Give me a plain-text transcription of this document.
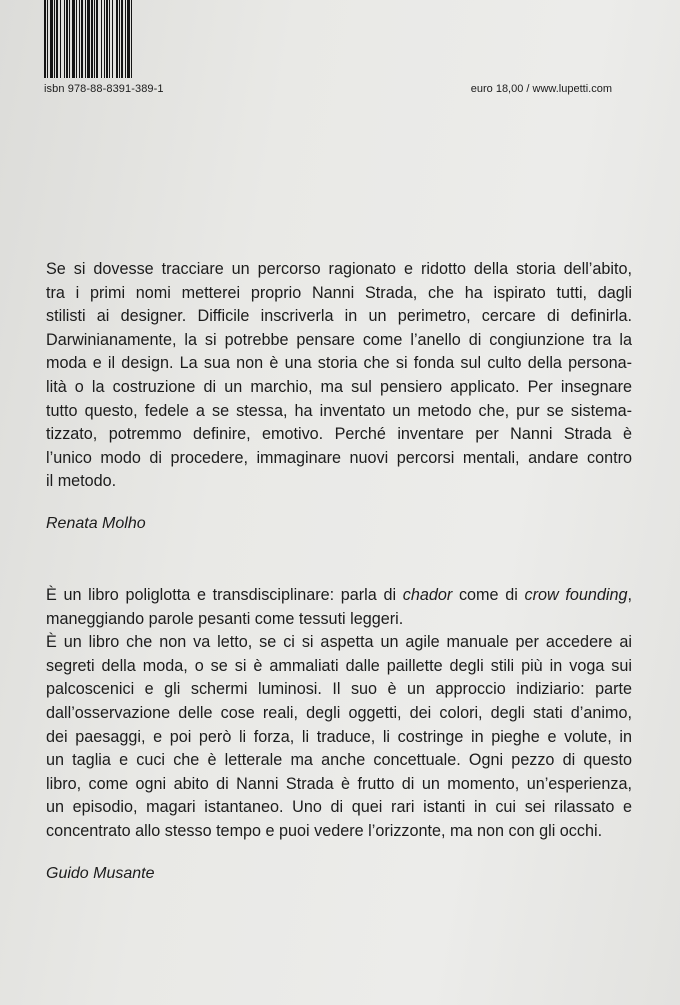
isbn 978-88-8391-389-1	euro 18,00 / www.lupetti.com

Se si dovesse tracciare un percorso ragionato e ridotto della storia dell’abito,
tra i primi nomi metterei proprio Nanni Strada, che ha ispirato tutti, dagli
stilisti ai designer. Difficile inscriverla in un perimetro, cercare di definirla.
Darwinianamente, la si potrebbe pensare come l’anello di congiunzione tra la
moda e il design. La sua non è una storia che si fonda sul culto della persona-
lità o la costruzione di un marchio, ma sul pensiero applicato. Per insegnare
tutto questo, fedele a se stessa, ha inventato un metodo che, pur se sistema-
tizzato, potremmo definire, emotivo. Perché inventare per Nanni Strada è
l’unico modo di procedere, immaginare nuovi percorsi mentali, andare contro
il metodo.

Renata Molho

È un libro poliglotta e transdisciplinare: parla di chador come di crow founding,
maneggiando parole pesanti come tessuti leggeri.
È un libro che non va letto, se ci si aspetta un agile manuale per accedere ai
segreti della moda, o se si è ammaliati dalle paillette degli stili più in voga sui
palcoscenici e gli schermi luminosi. Il suo è un approccio indiziario: parte
dall’osservazione delle cose reali, degli oggetti, dei colori, degli stati d’animo,
dei paesaggi, e poi però li forza, li traduce, li costringe in pieghe e volute, in
un taglia e cuci che è letterale ma anche concettuale. Ogni pezzo di questo
libro, come ogni abito di Nanni Strada è frutto di un momento, un’esperienza,
un episodio, magari istantaneo. Uno di quei rari istanti in cui sei rilassato e
concentrato allo stesso tempo e puoi vedere l’orizzonte, ma non con gli occhi.

Guido Musante
